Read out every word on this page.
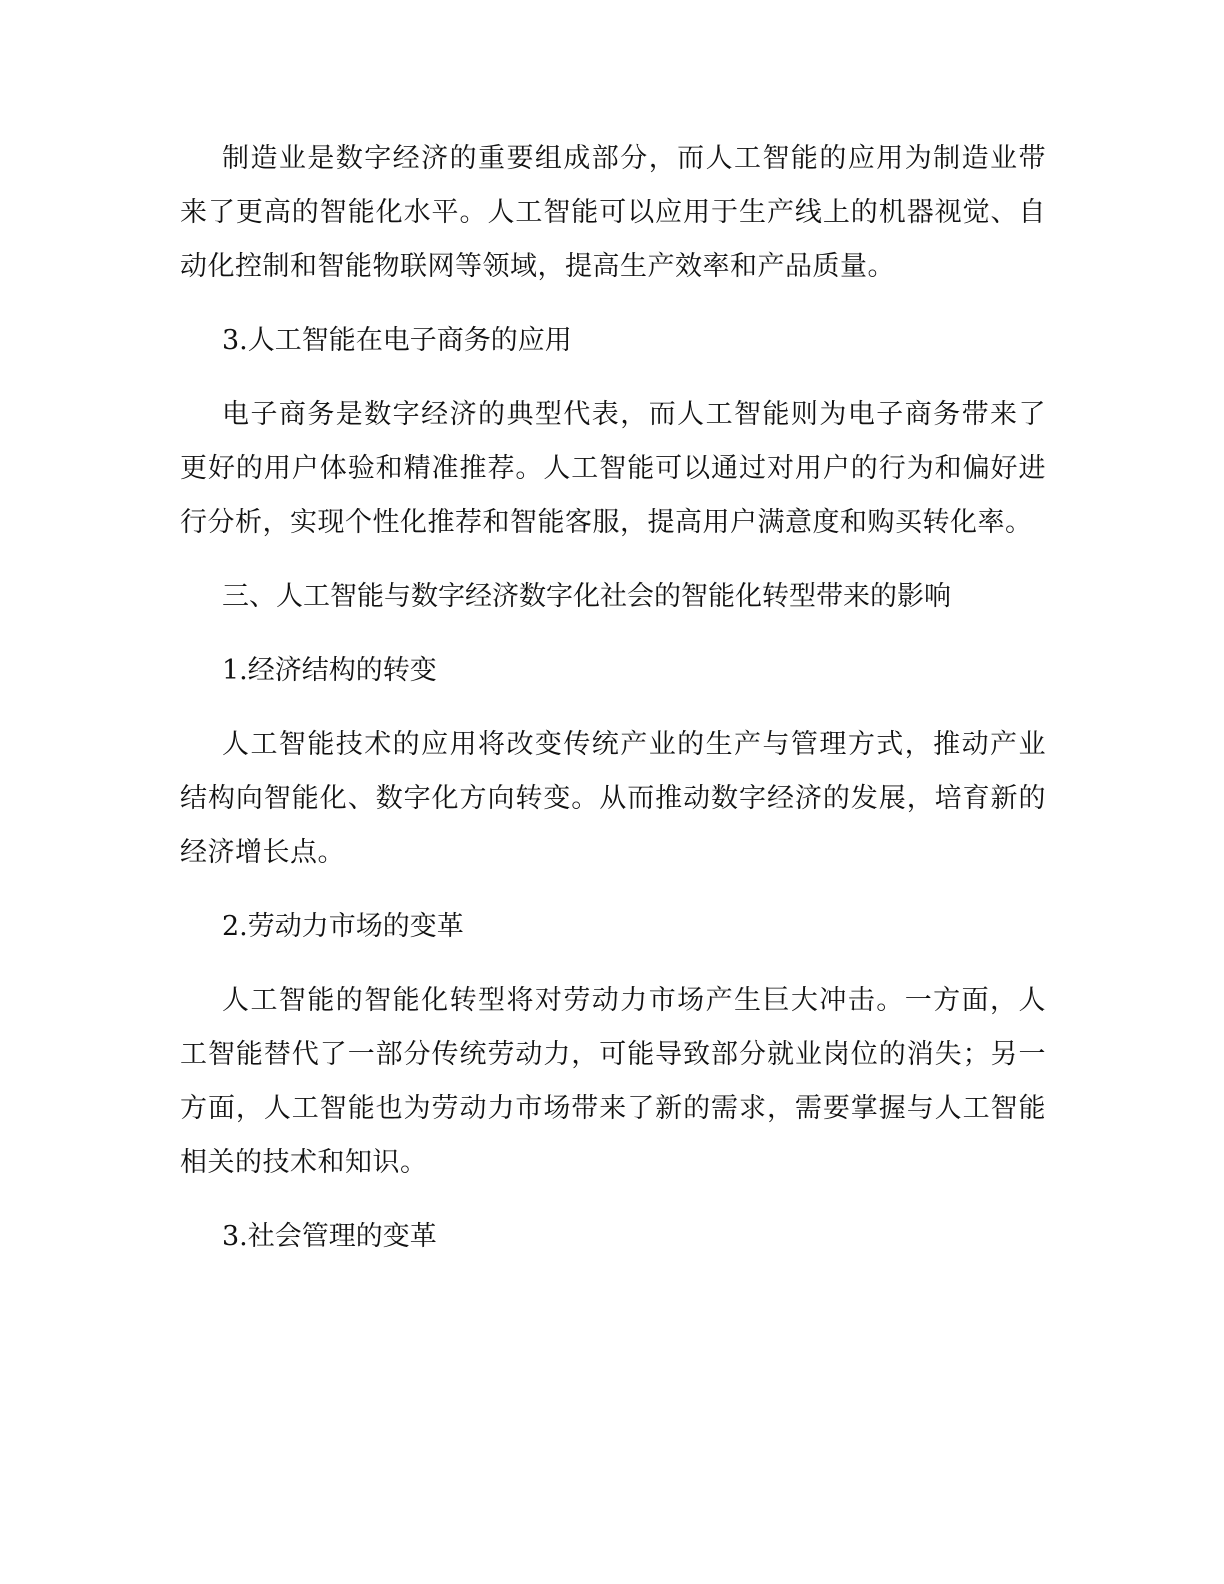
制造业是数字经济的重要组成部分，而人工智能的应用为制造业带来了更高的智能化水平。人工智能可以应用于生产线上的机器视觉、自动化控制和智能物联网等领域，提高生产效率和产品质量。

3.人工智能在电子商务的应用

电子商务是数字经济的典型代表，而人工智能则为电子商务带来了更好的用户体验和精准推荐。人工智能可以通过对用户的行为和偏好进行分析，实现个性化推荐和智能客服，提高用户满意度和购买转化率。

三、人工智能与数字经济数字化社会的智能化转型带来的影响

1.经济结构的转变

人工智能技术的应用将改变传统产业的生产与管理方式，推动产业结构向智能化、数字化方向转变。从而推动数字经济的发展，培育新的经济增长点。

2.劳动力市场的变革

人工智能的智能化转型将对劳动力市场产生巨大冲击。一方面，人工智能替代了一部分传统劳动力，可能导致部分就业岗位的消失；另一方面，人工智能也为劳动力市场带来了新的需求，需要掌握与人工智能相关的技术和知识。

3.社会管理的变革
